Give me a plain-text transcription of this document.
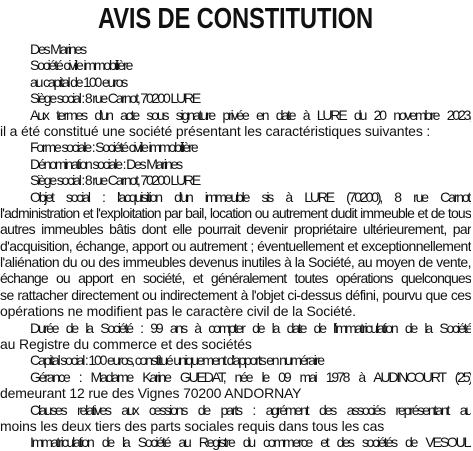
AVIS DE CONSTITUTION
Des Marines
Société civile immobilière
au capital de 100 euros
Siège social : 8 rue Carnot, 70200 LURE
Aux termes d'un acte sous signature privée en date à LURE du 20 novembre 2023,
il a été constitué une société présentant les caractéristiques suivantes :
Forme sociale : Société civile immobilière
Dénomination sociale : Des Marines
Siège social : 8 rue Carnot, 70200 LURE
Objet social : l'acquisition d'un immeuble sis à LURE (70200), 8 rue Carnot,
l'administration et l'exploitation par bail, location ou autrement dudit immeuble et de tous
autres immeubles bâtis dont elle pourrait devenir propriétaire ultérieurement, par
d'acquisition, échange, apport ou autrement ; éventuellement et exceptionnellement
l'aliénation du ou des immeubles devenus inutiles à la Société, au moyen de vente,
échange ou apport en société, et généralement toutes opérations quelconques
se rattacher directement ou indirectement à l'objet ci-dessus défini, pourvu que ces
opérations ne modifient pas le caractère civil de la Société.
Durée de la Société : 99 ans à compter de la date de l'immatriculation de la Société
au Registre du commerce et des sociétés
Capital social : 100 euros, constitué uniquement d'apports en numéraire
Gérance : Madame Karine GUEDAT, née le 09 mai 1978 à AUDINCOURT (25)
demeurant 12 rue des Vignes 70200 ANDORNAY
Clauses relatives aux cessions de parts : agrément des associés représentant au
moins les deux tiers des parts sociales requis dans tous les cas
Immatriculation de la Société au Registre du commerce et des sociétés de VESOUL.
